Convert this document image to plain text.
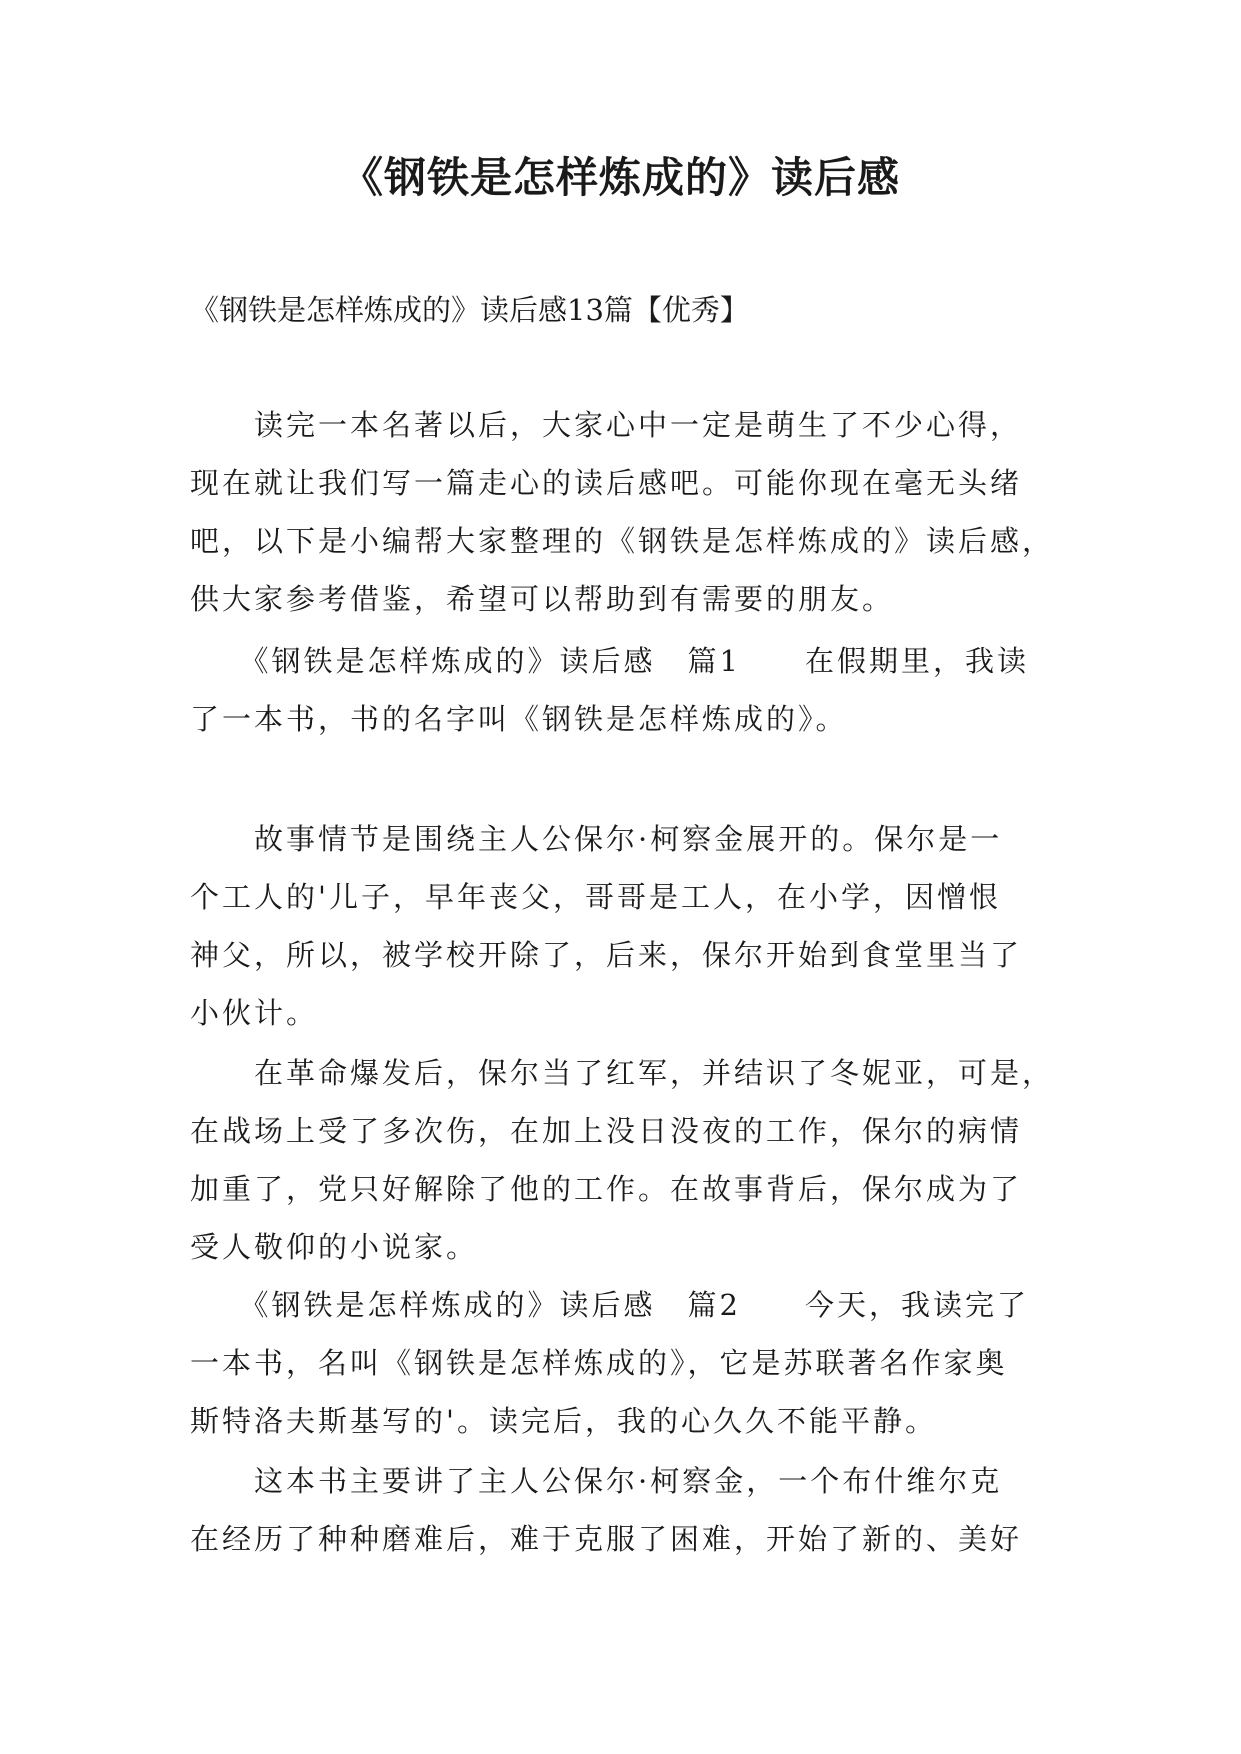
《钢铁是怎样炼成的》读后感
《钢铁是怎样炼成的》读后感13篇【优秀】
　　读完一本名著以后，大家心中一定是萌生了不少心得，
现在就让我们写一篇走心的读后感吧。可能你现在毫无头绪
吧，以下是小编帮大家整理的《钢铁是怎样炼成的》读后感，
供大家参考借鉴，希望可以帮助到有需要的朋友。
　　《钢铁是怎样炼成的》读后感　篇1　　在假期里，我读
了一本书，书的名字叫《钢铁是怎样炼成的》。
　　故事情节是围绕主人公保尔·柯察金展开的。保尔是一
个工人的'儿子，早年丧父，哥哥是工人，在小学，因憎恨
神父，所以，被学校开除了，后来，保尔开始到食堂里当了
小伙计。
　　在革命爆发后，保尔当了红军，并结识了冬妮亚，可是，
在战场上受了多次伤，在加上没日没夜的工作，保尔的病情
加重了，党只好解除了他的工作。在故事背后，保尔成为了
受人敬仰的小说家。
　　《钢铁是怎样炼成的》读后感　篇2　　今天，我读完了
一本书，名叫《钢铁是怎样炼成的》，它是苏联著名作家奥
斯特洛夫斯基写的'。读完后，我的心久久不能平静。
　　这本书主要讲了主人公保尔·柯察金，一个布什维尔克
在经历了种种磨难后，难于克服了困难，开始了新的、美好
